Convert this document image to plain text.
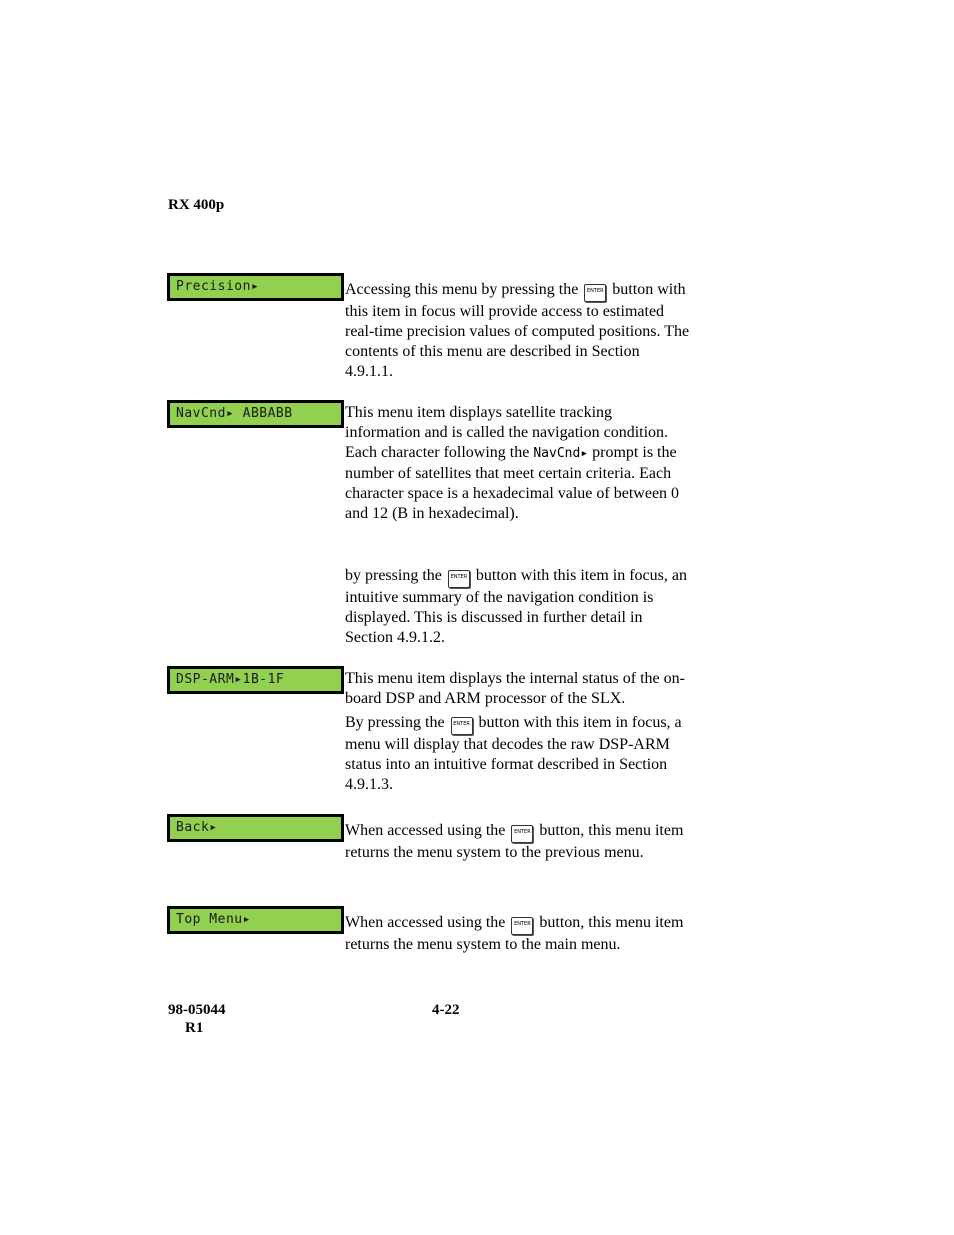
RX 400p
Precision▸	Accessing this menu by pressing the ENTER button with this item in focus will provide access to estimated real-time precision values of computed positions. The contents of this menu are described in Section 4.9.1.1.
NavCnd▸ ABBABB	This menu item displays satellite tracking information and is called the navigation condition. Each character following the NavCnd▸ prompt is the number of satellites that meet certain criteria. Each character space is a hexadecimal value of between 0 and 12 (B in hexadecimal).
by pressing the ENTER button with this item in focus, an intuitive summary of the navigation condition is displayed. This is discussed in further detail in Section 4.9.1.2.
DSP-ARM▸1B-1F	This menu item displays the internal status of the on-board DSP and ARM processor of the SLX.
By pressing the ENTER button with this item in focus, a menu will display that decodes the raw DSP-ARM status into an intuitive format described in Section 4.9.1.3.
Back▸	When accessed using the ENTER button, this menu item returns the menu system to the previous menu.
Top Menu▸	When accessed using the ENTER button, this menu item returns the menu system to the main menu.
98-05044
R1
4-22
